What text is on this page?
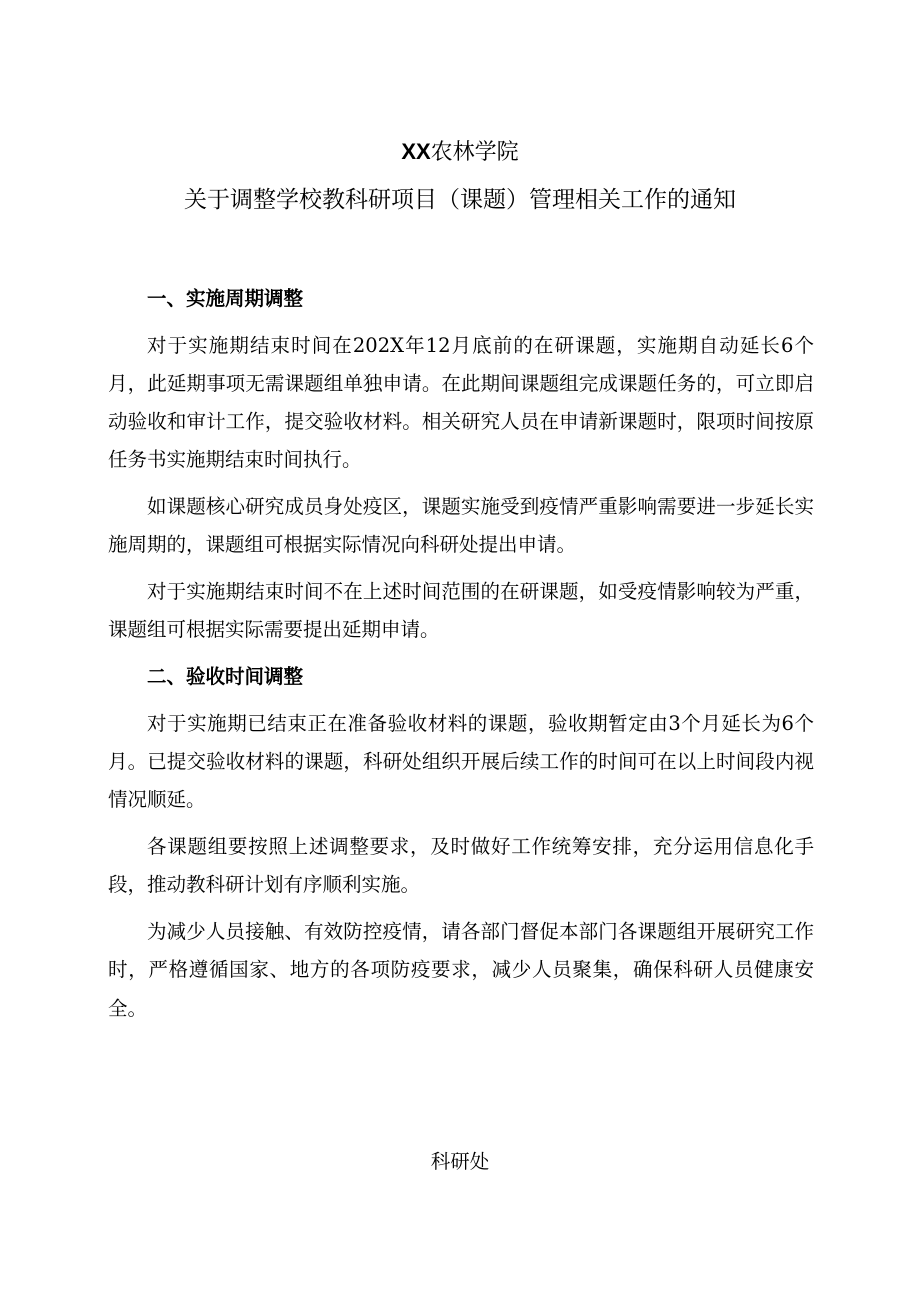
XX农林学院
关于调整学校教科研项目（课题）管理相关工作的通知

一、实施周期调整

对于实施期结束时间在202X年12月底前的在研课题，实施期自动延长6个月，此延期事项无需课题组单独申请。在此期间课题组完成课题任务的，可立即启动验收和审计工作，提交验收材料。相关研究人员在申请新课题时，限项时间按原任务书实施期结束时间执行。

如课题核心研究成员身处疫区，课题实施受到疫情严重影响需要进一步延长实施周期的，课题组可根据实际情况向科研处提出申请。

对于实施期结束时间不在上述时间范围的在研课题，如受疫情影响较为严重，课题组可根据实际需要提出延期申请。

二、验收时间调整

对于实施期已结束正在准备验收材料的课题，验收期暂定由3个月延长为6个月。已提交验收材料的课题，科研处组织开展后续工作的时间可在以上时间段内视情况顺延。

各课题组要按照上述调整要求，及时做好工作统筹安排，充分运用信息化手段，推动教科研计划有序顺利实施。

为减少人员接触、有效防控疫情，请各部门督促本部门各课题组开展研究工作时，严格遵循国家、地方的各项防疫要求，减少人员聚集，确保科研人员健康安全。

科研处
